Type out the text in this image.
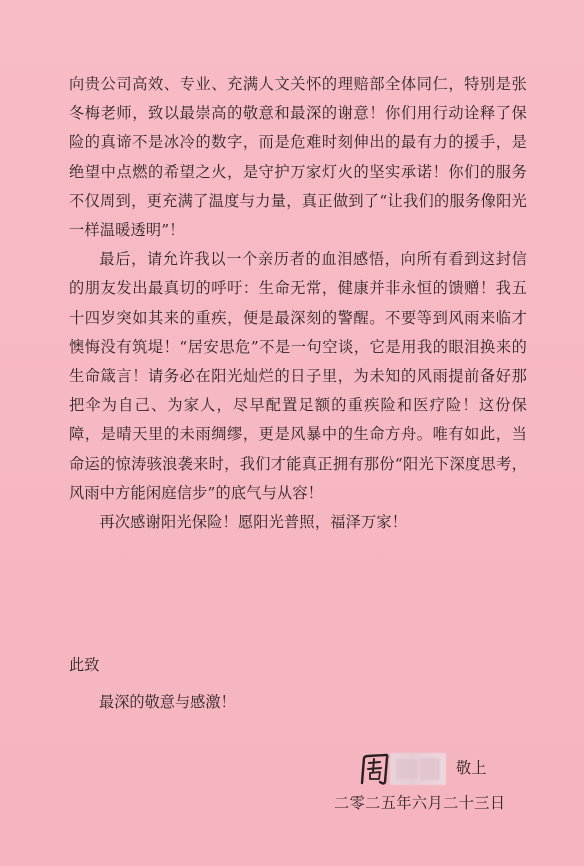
向贵公司高效、专业、充满人文关怀的理赔部全体同仁，特别是张冬梅老师，致以最崇高的敬意和最深的谢意！你们用行动诠释了保险的真谛不是冰冷的数字，而是危难时刻伸出的最有力的援手，是绝望中点燃的希望之火，是守护万家灯火的坚实承诺！你们的服务不仅周到，更充满了温度与力量，真正做到了“让我们的服务像阳光一样温暖透明”！

最后，请允许我以一个亲历者的血泪感悟，向所有看到这封信的朋友发出最真切的呼吁：生命无常，健康并非永恒的馈赠！我五十四岁突如其来的重疾，便是最深刻的警醒。不要等到风雨来临才懊悔没有筑堤！“居安思危”不是一句空谈，它是用我的眼泪换来的生命箴言！请务必在阳光灿烂的日子里，为未知的风雨提前备好那把伞为自己、为家人，尽早配置足额的重疾险和医疗险！这份保障，是晴天里的未雨绸缪，更是风暴中的生命方舟。唯有如此，当命运的惊涛骇浪袭来时，我们才能真正拥有那份“阳光下深度思考，风雨中方能闲庭信步”的底气与从容！

再次感谢阳光保险！愿阳光普照，福泽万家！

此致

最深的敬意与感激！

敬上
二零二五年六月二十三日
